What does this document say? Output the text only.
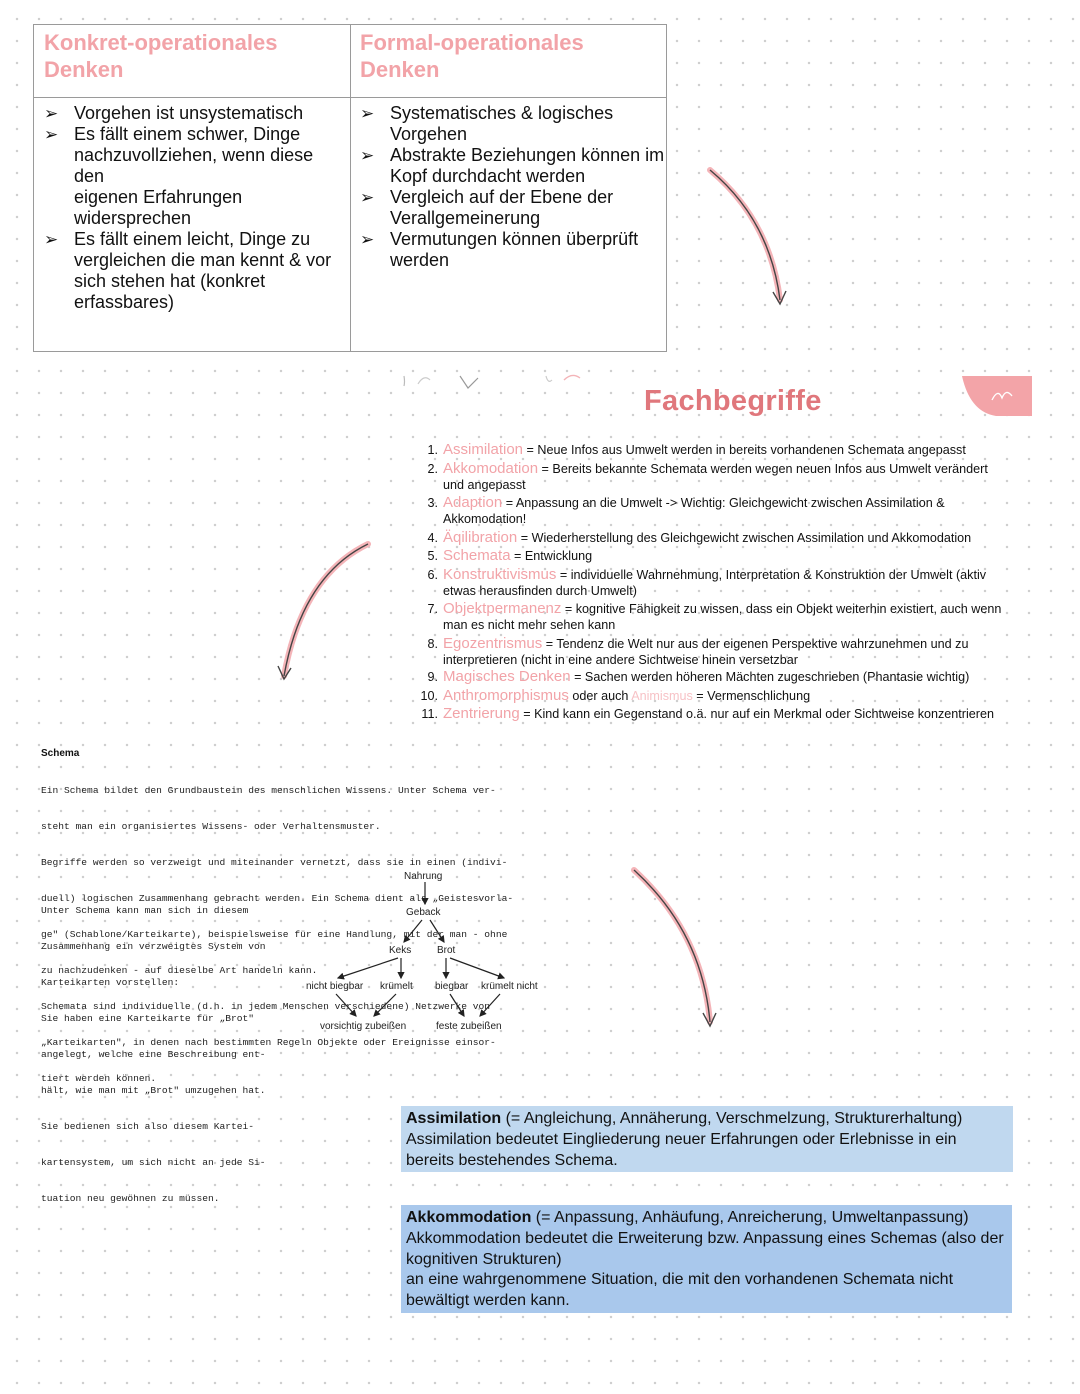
Konkret-operationales
Denken
Formal-operationales
Denken
➢ Vorgehen ist unsystematisch
➢ Es fällt einem schwer, Dinge
nachzuvollziehen, wenn diese den
eigenen Erfahrungen
widersprechen
➢ Es fällt einem leicht, Dinge zu
vergleichen die man kennt & vor
sich stehen hat (konkret
erfassbares)
➢ Systematisches & logisches
Vorgehen
➢ Abstrakte Beziehungen können im
Kopf durchdacht werden
➢ Vergleich auf der Ebene der
Verallgemeinerung
➢ Vermutungen können überprüft
werden
Fachbegriffe
1. Assimilation = Neue Infos aus Umwelt werden in bereits vorhandenen Schemata angepasst

2. Akkomodation = Bereits bekannte Schemata werden wegen neuen Infos aus Umwelt verändert
und angepasst
3. Adaption = Anpassung an die Umwelt -> Wichtig: Gleichgewicht zwischen Assimilation &
Akkomodation!
4. Äqilibration = Wiederherstellung des Gleichgewicht zwischen Assimilation und Akkomodation

5. Schemata = Entwicklung

6. Konstruktivismus = individuelle Wahrnehmung, Interpretation & Konstruktion der Umwelt (aktiv
etwas herausfinden durch Umwelt)
7. Objektpermanenz = kognitive Fähigkeit zu wissen, dass ein Objekt weiterhin existiert, auch wenn
man es nicht mehr sehen kann
8. Egozentrismus = Tendenz die Welt nur aus der eigenen Perspektive wahrzunehmen und zu
interpretieren (nicht in eine andere Sichtweise hinein versetzbar
9. Magisches Denken = Sachen werden höheren Mächten zugeschrieben (Phantasie wichtig)

10. Anthromorphismus oder auch Animismus = Vermenschlichung

11. Zentrierung = Kind kann ein Gegenstand o.ä. nur auf ein Merkmal oder Sichtweise konzentrieren

Schema

Ein Schema bildet den Grundbaustein des menschlichen Wissens. Unter Schema ver-

steht man ein organisiertes Wissens- oder Verhaltensmuster.

Begriffe werden so verzweigt und miteinander vernetzt, dass sie in einen (indivi-

duell) logischen Zusammenhang gebracht werden. Ein Schema dient als „Geistesvorla-

ge" (Schablone/Karteikarte), beispielsweise für eine Handlung, mit der man - ohne

zu nachzudenken - auf dieselbe Art handeln kann.

Schemata sind individuelle (d.h. in jedem Menschen verschiedene) Netzwerke von

„Karteikarten", in denen nach bestimmten Regeln Objekte oder Ereignisse einsor-

tiert werden können.

Unter Schema kann man sich in diesem

Zusammenhang ein verzweigtes System von

Karteikarten vorstellen:

Sie haben eine Karteikarte für „Brot"

angelegt, welche eine Beschreibung ent-

hält, wie man mit „Brot" umzugehen hat.

Sie bedienen sich also diesem Kartei-

kartensystem, um sich nicht an jede Si-

tuation neu gewöhnen zu müssen.

Nahrung
Geback
Keks	Brot
nicht biegbar krümelt biegbar krümelt nicht
vorsichtig zubeißen	feste zubeißen
Assimilation (= Angleichung, Annäherung, Verschmelzung, Strukturerhaltung)
Assimilation bedeutet Eingliederung neuer Erfahrungen oder Erlebnisse in ein
bereits bestehendes Schema.
Akkommodation (= Anpassung, Anhäufung, Anreicherung, Umweltanpassung)
Akkommodation bedeutet die Erweiterung bzw. Anpassung eines Schemas (also der
kognitiven Strukturen)
an eine wahrgenommene Situation, die mit den vorhandenen Schemata nicht
bewältigt werden kann.
